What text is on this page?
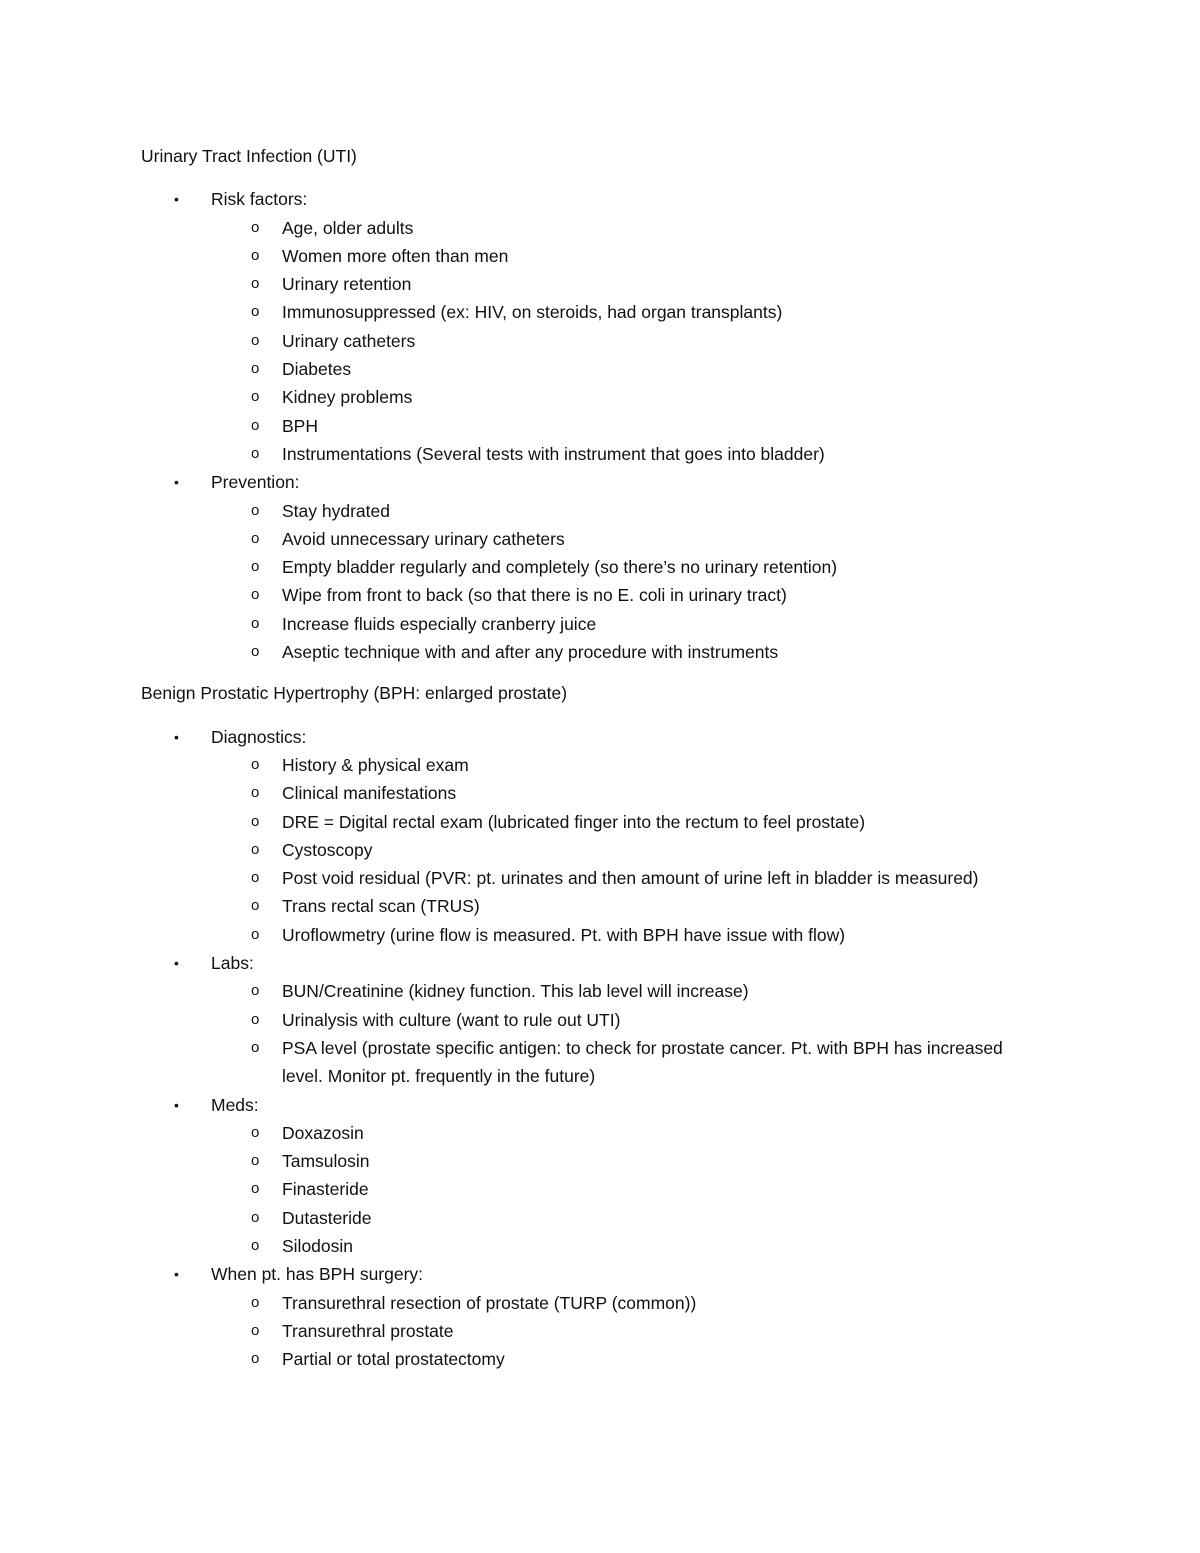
Urinary Tract Infection (UTI)

• Risk factors:
o Age, older adults
o Women more often than men
o Urinary retention
o Immunosuppressed (ex: HIV, on steroids, had organ transplants)
o Urinary catheters
o Diabetes
o Kidney problems
o BPH
o Instrumentations (Several tests with instrument that goes into bladder)
• Prevention:
o Stay hydrated
o Avoid unnecessary urinary catheters
o Empty bladder regularly and completely (so there’s no urinary retention)
o Wipe from front to back (so that there is no E. coli in urinary tract)
o Increase fluids especially cranberry juice
o Aseptic technique with and after any procedure with instruments

Benign Prostatic Hypertrophy (BPH: enlarged prostate)

• Diagnostics:
o History & physical exam
o Clinical manifestations
o DRE = Digital rectal exam (lubricated finger into the rectum to feel prostate)
o Cystoscopy
o Post void residual (PVR: pt. urinates and then amount of urine left in bladder is measured)
o Trans rectal scan (TRUS)
o Uroflowmetry (urine flow is measured. Pt. with BPH have issue with flow)
• Labs:
o BUN/Creatinine (kidney function. This lab level will increase)
o Urinalysis with culture (want to rule out UTI)
o PSA level (prostate specific antigen: to check for prostate cancer. Pt. with BPH has increased level. Monitor pt. frequently in the future)
• Meds:
o Doxazosin
o Tamsulosin
o Finasteride
o Dutasteride
o Silodosin
• When pt. has BPH surgery:
o Transurethral resection of prostate (TURP (common))
o Transurethral prostate
o Partial or total prostatectomy
